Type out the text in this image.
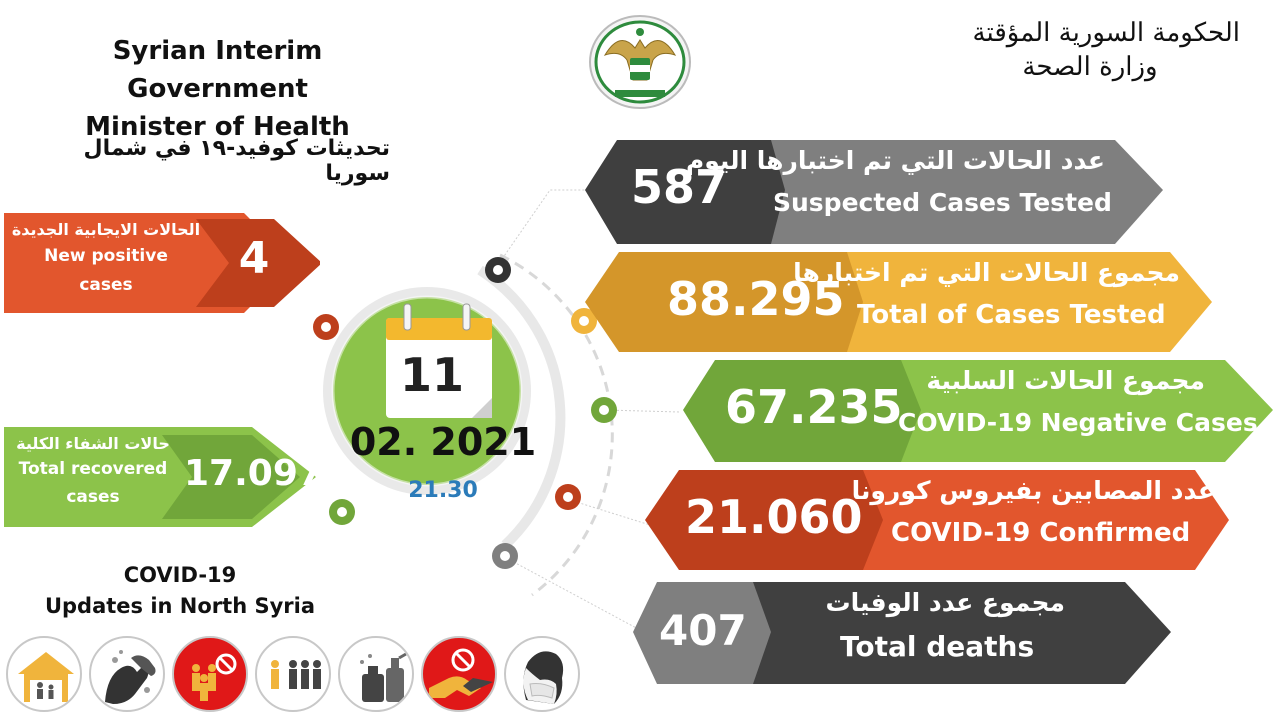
Syrian Interim Government
Minister of Health
الحكومة السورية المؤقتة
وزارة الصحة
تحديثات كوفيد-١٩ في شمال سوريا
الحالات الايجابية الجديدة
New positive
cases
4
حالات الشفاء الكلية
Total recovered
cases
17.097
11
02. 2021
21.30
عدد الحالات التي تم اختبارها اليوم
Suspected Cases Tested
587
مجموع الحالات التي تم اختبارها
Total of Cases Tested
88.295
مجموع الحالات السلبية
COVID-19 Negative Cases
67.235
عدد المصابين بفيروس كورونا
COVID-19 Confirmed
21.060
مجموع عدد الوفيات
Total deaths
407
COVID-19
Updates in North Syria
